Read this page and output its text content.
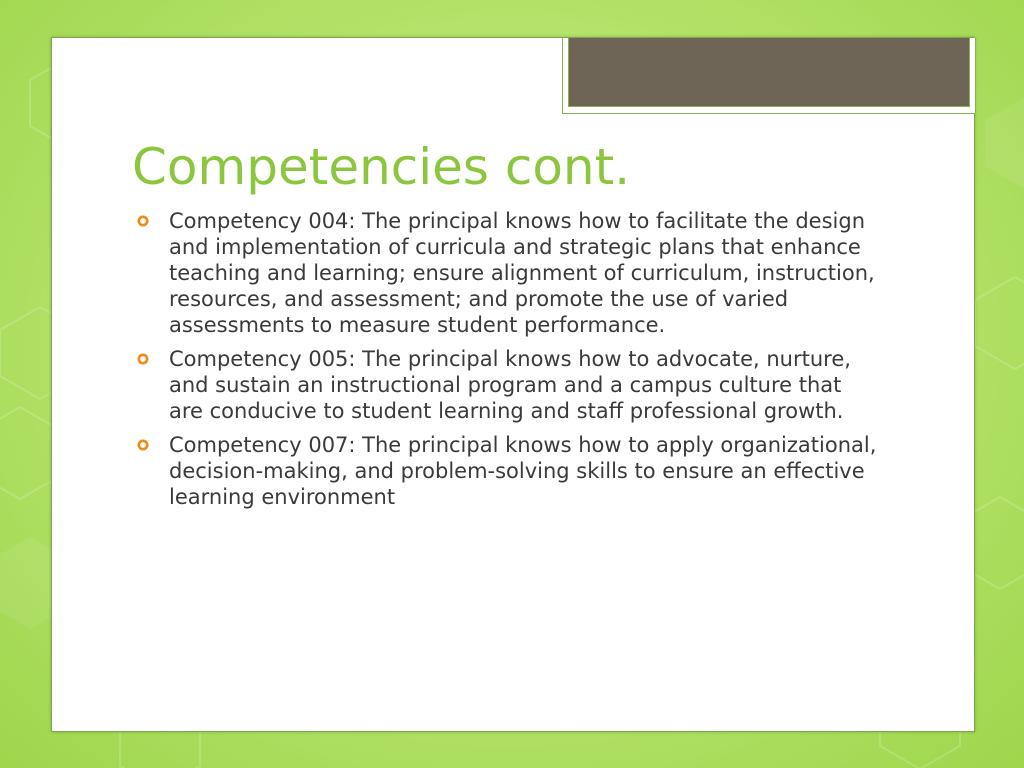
Competencies cont.
Competency 004: The principal knows how to facilitate the design and implementation of curricula and strategic plans that enhance teaching and learning; ensure alignment of curriculum, instruction, resources, and assessment; and promote the use of varied assessments to measure student performance.
Competency 005: The principal knows how to advocate, nurture, and sustain an instructional program and a campus culture that are conducive to student learning and staff professional growth.
Competency 007: The principal knows how to apply organizational, decision-making, and problem-solving skills to ensure an effective learning environment
